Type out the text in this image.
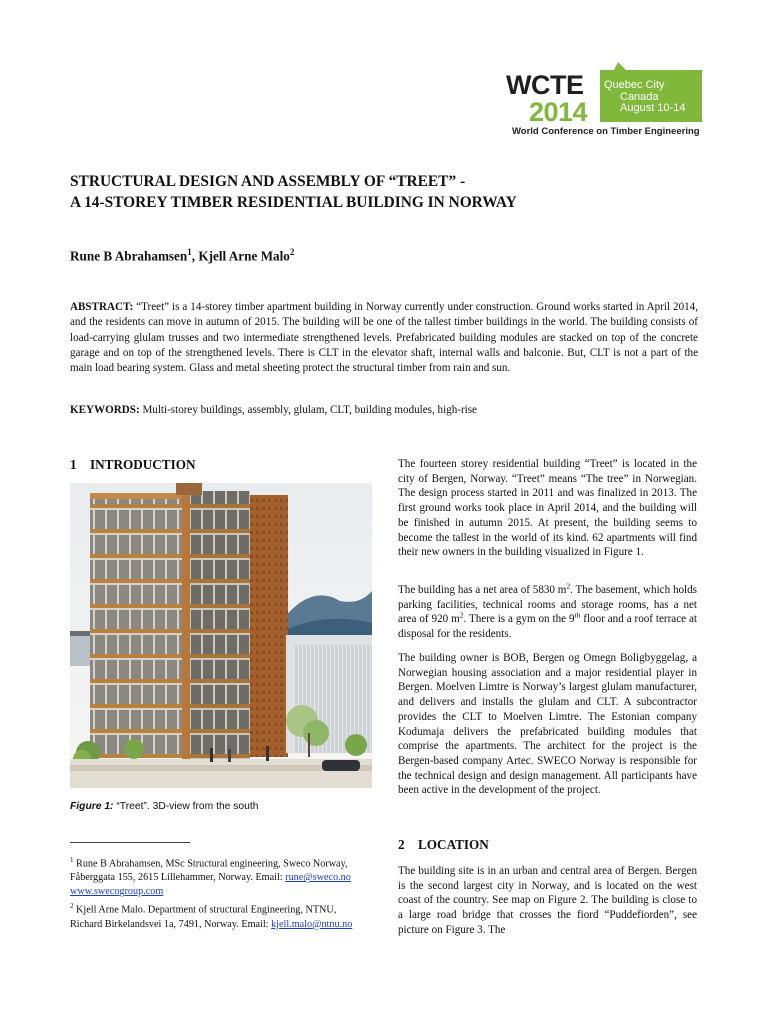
WCTE
2014
Quebec City
Canada
August 10-14
World Conference on Timber Engineering
STRUCTURAL DESIGN AND ASSEMBLY OF “TREET” -
A 14-STOREY TIMBER RESIDENTIAL BUILDING IN NORWAY

Rune B Abrahamsen$^1$, Kjell Arne Malo$^2$

ABSTRACT: “Treet” is a 14-storey timber apartment building in Norway currently under construction. Ground works started in April 2014, and the residents can move in autumn of 2015. The building will be one of the tallest timber buildings in the world. The building consists of load-carrying glulam trusses and two intermediate strengthened levels. Prefabricated building modules are stacked on top of the concrete garage and on top of the strengthened levels. There is CLT in the elevator shaft, internal walls and balconie. But, CLT is not a part of the main load bearing system. Glass and metal sheeting protect the structural timber from rain and sun.

KEYWORDS: Multi-storey buildings, assembly, glulam, CLT, building modules, high-rise

1 INTRODUCTION

Figure 1: “Treet”. 3D-view from the south

$^1$ Rune B Abrahamsen, MSc Structural engineering, Sweco Norway, Fåberggata 155, 2615 Lillehammer, Norway. Email: rune@sweco.no    www.swecogroup.com
$^2$ Kjell Arne Malo. Department of structural Engineering, NTNU, Richard Birkelandsvei 1a, 7491, Norway. Email: kjell.malo@ntnu.no

The fourteen storey residential building “Treet” is located in the city of Bergen, Norway. “Treet” means “The tree” in Norwegian. The design process started in 2011 and was finalized in 2013. The first ground works took place in April 2014, and the building will be finished in autumn 2015. At present, the building seems to become the tallest in the world of its kind. 62 apartments will find their new owners in the building visualized in Figure 1.

The building has a net area of 5830 $m^2$. The basement, which holds parking facilities, technical rooms and storage rooms, has a net area of 920 $m^2$. There is a gym on the 9th floor and a roof terrace at disposal for the residents.

The building owner is BOB, Bergen og Omegn Boligbyggelag, a Norwegian housing association and a major residential player in Bergen. Moelven Limtre is Norway’s largest glulam manufacturer, and delivers and installs the glulam and CLT. A subcontractor provides the CLT to Moelven Limtre. The Estonian company Kodumaja delivers the prefabricated building modules that comprise the apartments. The architect for the project is the Bergen-based company Artec. SWECO Norway is responsible for the technical design and design management. All participants have been active in the development of the project.

2 LOCATION

The building site is in an urban and central area of Bergen. Bergen is the second largest city in Norway, and is located on the west coast of the country. See map on Figure 2. The building is close to a large road bridge that crosses the fiord “Puddefiorden”, see picture on Figure 3. The
